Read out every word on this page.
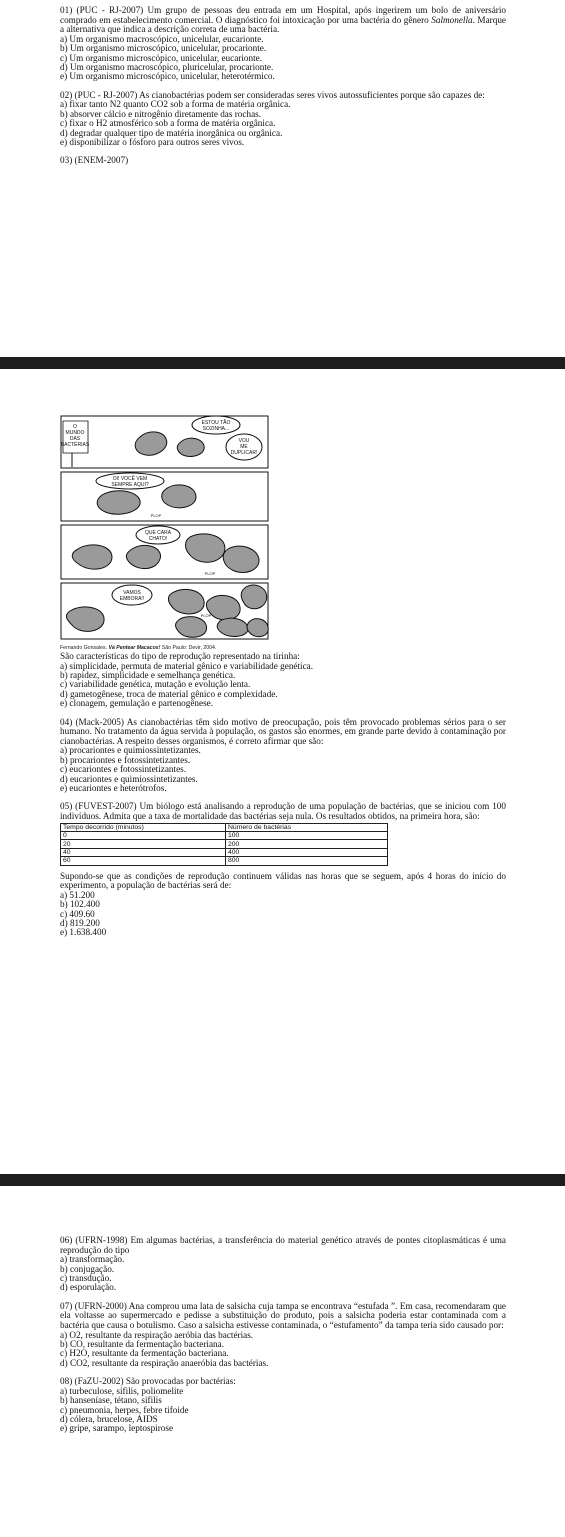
01) (PUC - RJ-2007) Um grupo de pessoas deu entrada em um Hospital, após ingerirem um bolo de aniversário comprado em estabelecimento comercial. O diagnóstico foi intoxicação por uma bactéria do gênero Salmonella. Marque a alternativa que indica a descrição correta de uma bactéria.

a) Um organismo macroscópico, unicelular, eucarionte.
b) Um organismo microscópico, unicelular, procarionte.
c) Um organismo microscópico, unicelular, eucarionte.
d) Um organismo macroscópico, pluricelular, procarionte.
e) Um organismo microscópico, unicelular, heterotérmico.

02) (PUC - RJ-2007) As cianobactérias podem ser consideradas seres vivos autossuficientes porque são capazes de:

a) fixar tanto N2 quanto CO2 sob a forma de matéria orgânica.
b) absorver cálcio e nitrogênio diretamente das rochas.
c) fixar o H2 atmosférico sob a forma de matéria orgânica.
d) degradar qualquer tipo de matéria inorgânica ou orgânica.
e) disponibilizar o fósforo para outros seres vivos.

03) (ENEM-2007)

O
MUNDO
DAS
BACTÉRIAS
ESTOU TÃO
SOZINHA...
VOU
ME
DUPLICAR!
OI! VOCÊ VEM
SEMPRE AQUI?
PLOP
QUE CARA
CHATO!
PLOP
VAMOS
EMBORA!!
PLOP
Fernando Gonsales. Vá Pentear Macacos! São Paulo: Devir, 2004.

São características do tipo de reprodução representado na tirinha:

a) simplicidade, permuta de material gênico e variabilidade genética.
b) rapidez, simplicidade e semelhança genética.
c) variabilidade genética, mutação e evolução lenta.
d) gametogênese, troca de material gênico e complexidade.
e) clonagem, gemulação e partenogênese.

04) (Mack-2005) As cianobactérias têm sido motivo de preocupação, pois têm provocado problemas sérios para o ser humano. No tratamento da água servida à população, os gastos são enormes, em grande parte devido à contaminação por cianobactérias. A respeito desses organismos, é correto afirmar que são:

a) procariontes e quimiossintetizantes.
b) procariontes e fotossintetizantes.
c) eucariontes e fotossintetizantes.
d) eucariontes e quimiossintetizantes.
e) eucariontes e heterótrofos.

05) (FUVEST-2007) Um biólogo está analisando a reprodução de uma população de bactérias, que se iniciou com 100 indivíduos. Admita que a taxa de mortalidade das bactérias seja nula. Os resultados obtidos, na primeira hora, são:

Tempo decorrido (minutos)	Número de bactérias
0	100
20	200
40	400
60	800

Supondo-se que as condições de reprodução continuem válidas nas horas que se seguem, após 4 horas do início do experimento, a população de bactérias será de:

a) 51.200
b) 102.400
c) 409.60
d) 819.200
e) 1.638.400

06) (UFRN-1998) Em algumas bactérias, a transferência do material genético através de pontes citoplasmáticas é uma reprodução do tipo

a) transformação.
b) conjugação.
c) transdução.
d) esporulação.

07) (UFRN-2000) Ana comprou uma lata de salsicha cuja tampa se encontrava “estufada ”. Em casa, recomendaram que ela voltasse ao supermercado e pedisse a substituição do produto, pois a salsicha poderia estar contaminada com a bactéria que causa o botulismo. Caso a salsicha estivesse contaminada, o “estufamento” da tampa teria sido causado por:

a) O2, resultante da respiração aeróbia das bactérias.
b) CO, resultante da fermentação bacteriana.
c) H2O, resultante da fermentação bacteriana.
d) CO2, resultante da respiração anaeróbia das bactérias.

08) (FaZU-2002) São provocadas por bactérias:

a) turbeculose, sífilis, poliomelite
b) hanseníase, tétano, sífilis
c) pneumonia, herpes, febre tifoide
d) cólera, brucelose, AIDS
e) gripe, sarampo, leptospirose
